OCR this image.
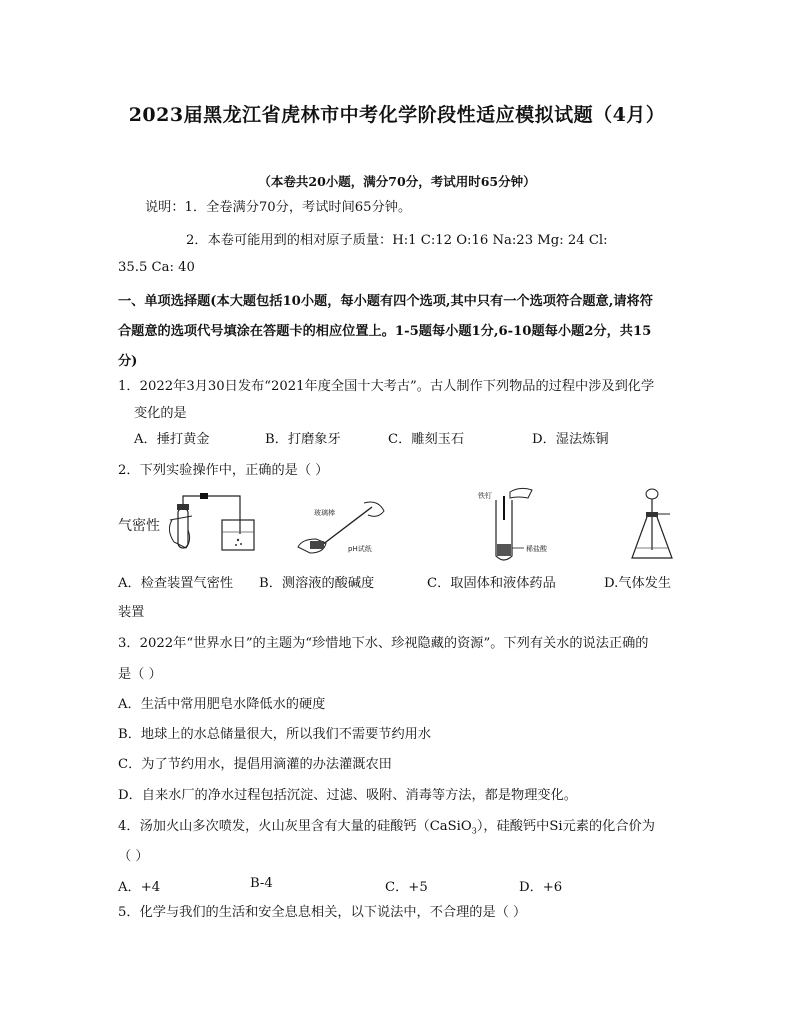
2023届黑龙江省虎林市中考化学阶段性适应模拟试题（4月）
（本卷共20小题，满分70分，考试用时65分钟）
说明：1．全卷满分70分，考试时间65分钟。
2．本卷可能用到的相对原子质量：H:1 C:12 O:16 Na:23 Mg: 24 Cl:
35.5 Ca: 40
一、单项选择题(本大题包括10小题，每小题有四个选项,其中只有一个选项符合题意,请将符
合题意的选项代号填涂在答题卡的相应位置上。1-5题每小题1分,6-10题每小题2分，共15
分)
1．2022年3月30日发布“2021年度全国十大考古”。古人制作下列物品的过程中涉及到化学
变化的是
A．捶打黄金	B．打磨象牙	C．雕刻玉石	D．湿法炼铜
2．下列实验操作中，正确的是（ ）
气密性
玻璃棒
pH试纸
铁钉
稀盐酸
A．检查装置气密性 B．测溶液的酸碱度	C．取固体和液体药品	D.气体发生
装置
3．2022年“世界水日”的主题为“珍惜地下水、珍视隐藏的资源”。下列有关水的说法正确的
是（ ）
A．生活中常用肥皂水降低水的硬度
B．地球上的水总储量很大，所以我们不需要节约用水
C．为了节约用水，提倡用滴灌的办法灌溉农田
D．自来水厂的净水过程包括沉淀、过滤、吸附、消毒等方法，都是物理变化。
4．汤加火山多次喷发，火山灰里含有大量的硅酸钙（CaSiO$_3$），硅酸钙中Si元素的化合价为
（ ）
A．+4	B-4	C．+5	D．+6
5．化学与我们的生活和安全息息相关，以下说法中，不合理的是（ ）
